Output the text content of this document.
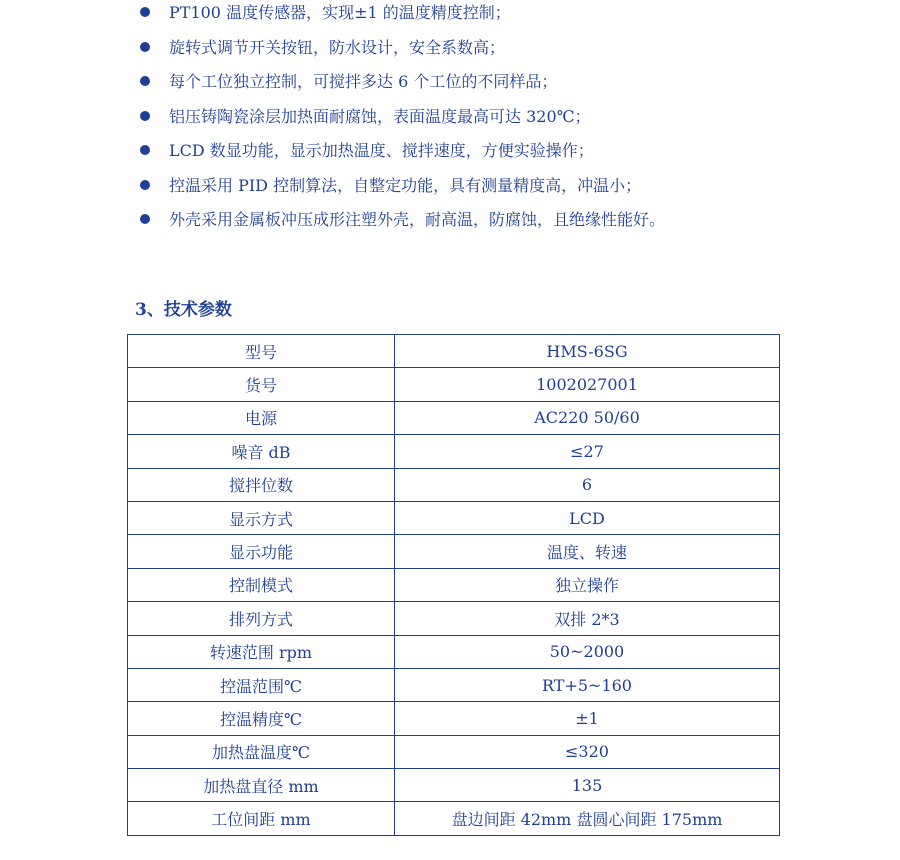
PT100 温度传感器，实现±1 的温度精度控制；
旋转式调节开关按钮，防水设计，安全系数高；
每个工位独立控制，可搅拌多达 6 个工位的不同样品；
铝压铸陶瓷涂层加热面耐腐蚀，表面温度最高可达 320℃；
LCD 数显功能，显示加热温度、搅拌速度，方便实验操作；
控温采用 PID 控制算法，自整定功能，具有测量精度高，冲温小；
外壳采用金属板冲压成形注塑外壳，耐高温，防腐蚀，且绝缘性能好。
3、技术参数
型号	HMS-6SG
货号	1002027001
电源	AC220 50/60
噪音 dB	≤27
搅拌位数	6
显示方式	LCD
显示功能	温度、转速
控制模式	独立操作
排列方式	双排 2*3
转速范围 rpm	50~2000
控温范围℃	RT+5~160
控温精度℃	±1
加热盘温度℃	≤320
加热盘直径 mm	135
工位间距 mm	盘边间距 42mm 盘圆心间距 175mm
